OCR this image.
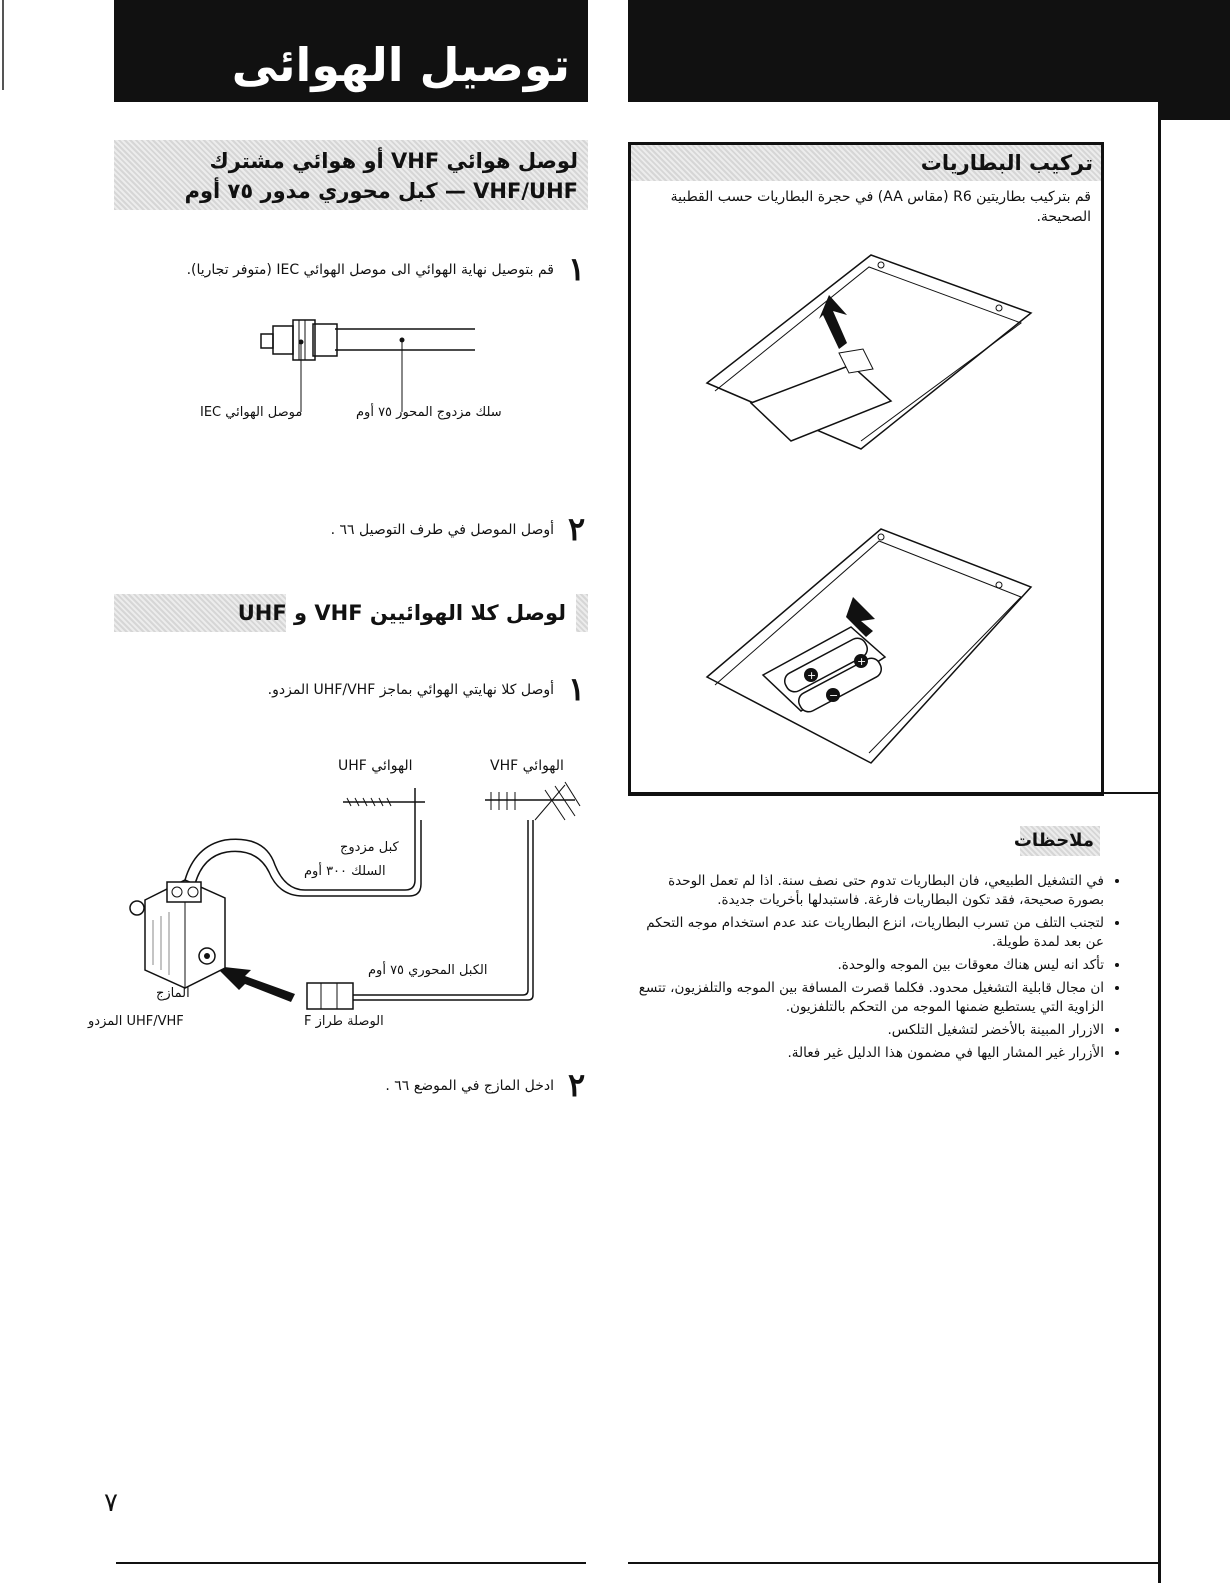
توصيل الهوائى
لوصل هوائي VHF أو هوائي مشترك VHF/UHF — كبل محوري مدور ٧٥ أوم
١
قم بتوصيل نهاية الهوائي الى موصل الهوائي IEC (متوفر تجاريا).
موصل الهوائي IEC	سلك مزدوج المحور ٧٥ أوم
٢
أوصل الموصل في طرف التوصيل ٦٦ .
لوصل كلا الهوائيين VHF و UHF
١
أوصل كلا نهايتي الهوائي بماجز UHF/VHF المزدو.
الهوائي UHF	الهوائي VHF
كبل مزدوج
السلك ٣٠٠ أوم
الكبل المحوري ٧٥ أوم
الوصلة طراز F
المازج
UHF/VHF المزدو
٢
ادخل المازج في الموضع ٦٦ .
تركيب البطاريات
قم بتركيب بطاريتين R6 (مقاس AA) في حجرة البطاريات حسب القطبية الصحيحة.
+
+
−
ملاحظات
• في التشغيل الطبيعي، فان البطاريات تدوم حتى نصف سنة. اذا لم تعمل الوحدة بصورة صحيحة، فقد تكون البطاريات فارغة. فاستبدلها بأخريات جديدة.
• لتجنب التلف من تسرب البطاريات، انزع البطاريات عند عدم استخدام موجه التحكم عن بعد لمدة طويلة.
• تأكد انه ليس هناك معوقات بين الموجه والوحدة.
• ان مجال قابلية التشغيل محدود. فكلما قصرت المسافة بين الموجه والتلفزيون، تتسع الزاوية التي يستطيع ضمنها الموجه من التحكم بالتلفزيون.
• الازرار المبينة بالأخضر لتشغيل التلكس.
• الأزرار غير المشار اليها في مضمون هذا الدليل غير فعالة.
٧
